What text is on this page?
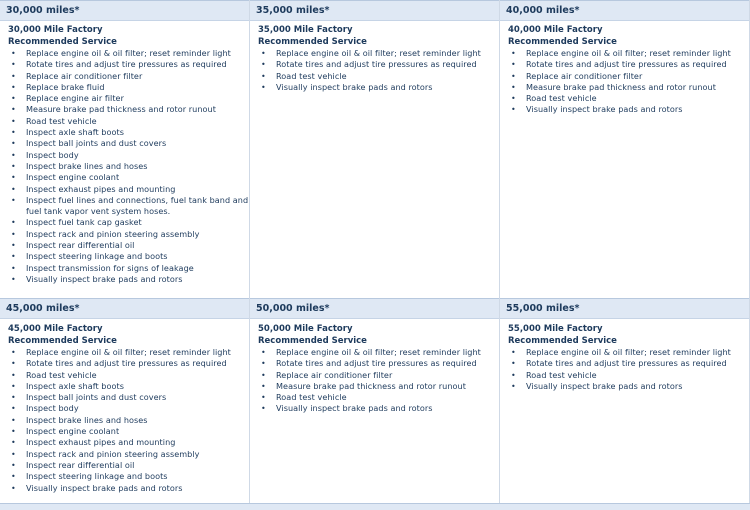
30,000 miles*	35,000 miles*	40,000 miles*
30,000 Mile Factory
Recommended Service
• Replace engine oil & oil filter; reset reminder light
• Rotate tires and adjust tire pressures as required
• Replace air conditioner filter
• Replace brake fluid
• Replace engine air filter
• Measure brake pad thickness and rotor runout
• Road test vehicle
• Inspect axle shaft boots
• Inspect ball joints and dust covers
• Inspect body
• Inspect brake lines and hoses
• Inspect engine coolant
• Inspect exhaust pipes and mounting
• Inspect fuel lines and connections, fuel tank band and fuel tank vapor vent system hoses.
• Inspect fuel tank cap gasket
• Inspect rack and pinion steering assembly
• Inspect rear differential oil
• Inspect steering linkage and boots
• Inspect transmission for signs of leakage
• Visually inspect brake pads and rotors
35,000 Mile Factory
Recommended Service
• Replace engine oil & oil filter; reset reminder light
• Rotate tires and adjust tire pressures as required
• Road test vehicle
• Visually inspect brake pads and rotors
40,000 Mile Factory
Recommended Service
• Replace engine oil & oil filter; reset reminder light
• Rotate tires and adjust tire pressures as required
• Replace air conditioner filter
• Measure brake pad thickness and rotor runout
• Road test vehicle
• Visually inspect brake pads and rotors
45,000 miles*	50,000 miles*	55,000 miles*
45,000 Mile Factory
Recommended Service
• Replace engine oil & oil filter; reset reminder light
• Rotate tires and adjust tire pressures as required
• Road test vehicle
• Inspect axle shaft boots
• Inspect ball joints and dust covers
• Inspect body
• Inspect brake lines and hoses
• Inspect engine coolant
• Inspect exhaust pipes and mounting
• Inspect rack and pinion steering assembly
• Inspect rear differential oil
• Inspect steering linkage and boots
• Visually inspect brake pads and rotors
50,000 Mile Factory
Recommended Service
• Replace engine oil & oil filter; reset reminder light
• Rotate tires and adjust tire pressures as required
• Replace air conditioner filter
• Measure brake pad thickness and rotor runout
• Road test vehicle
• Visually inspect brake pads and rotors
55,000 Mile Factory
Recommended Service
• Replace engine oil & oil filter; reset reminder light
• Rotate tires and adjust tire pressures as required
• Road test vehicle
• Visually inspect brake pads and rotors
